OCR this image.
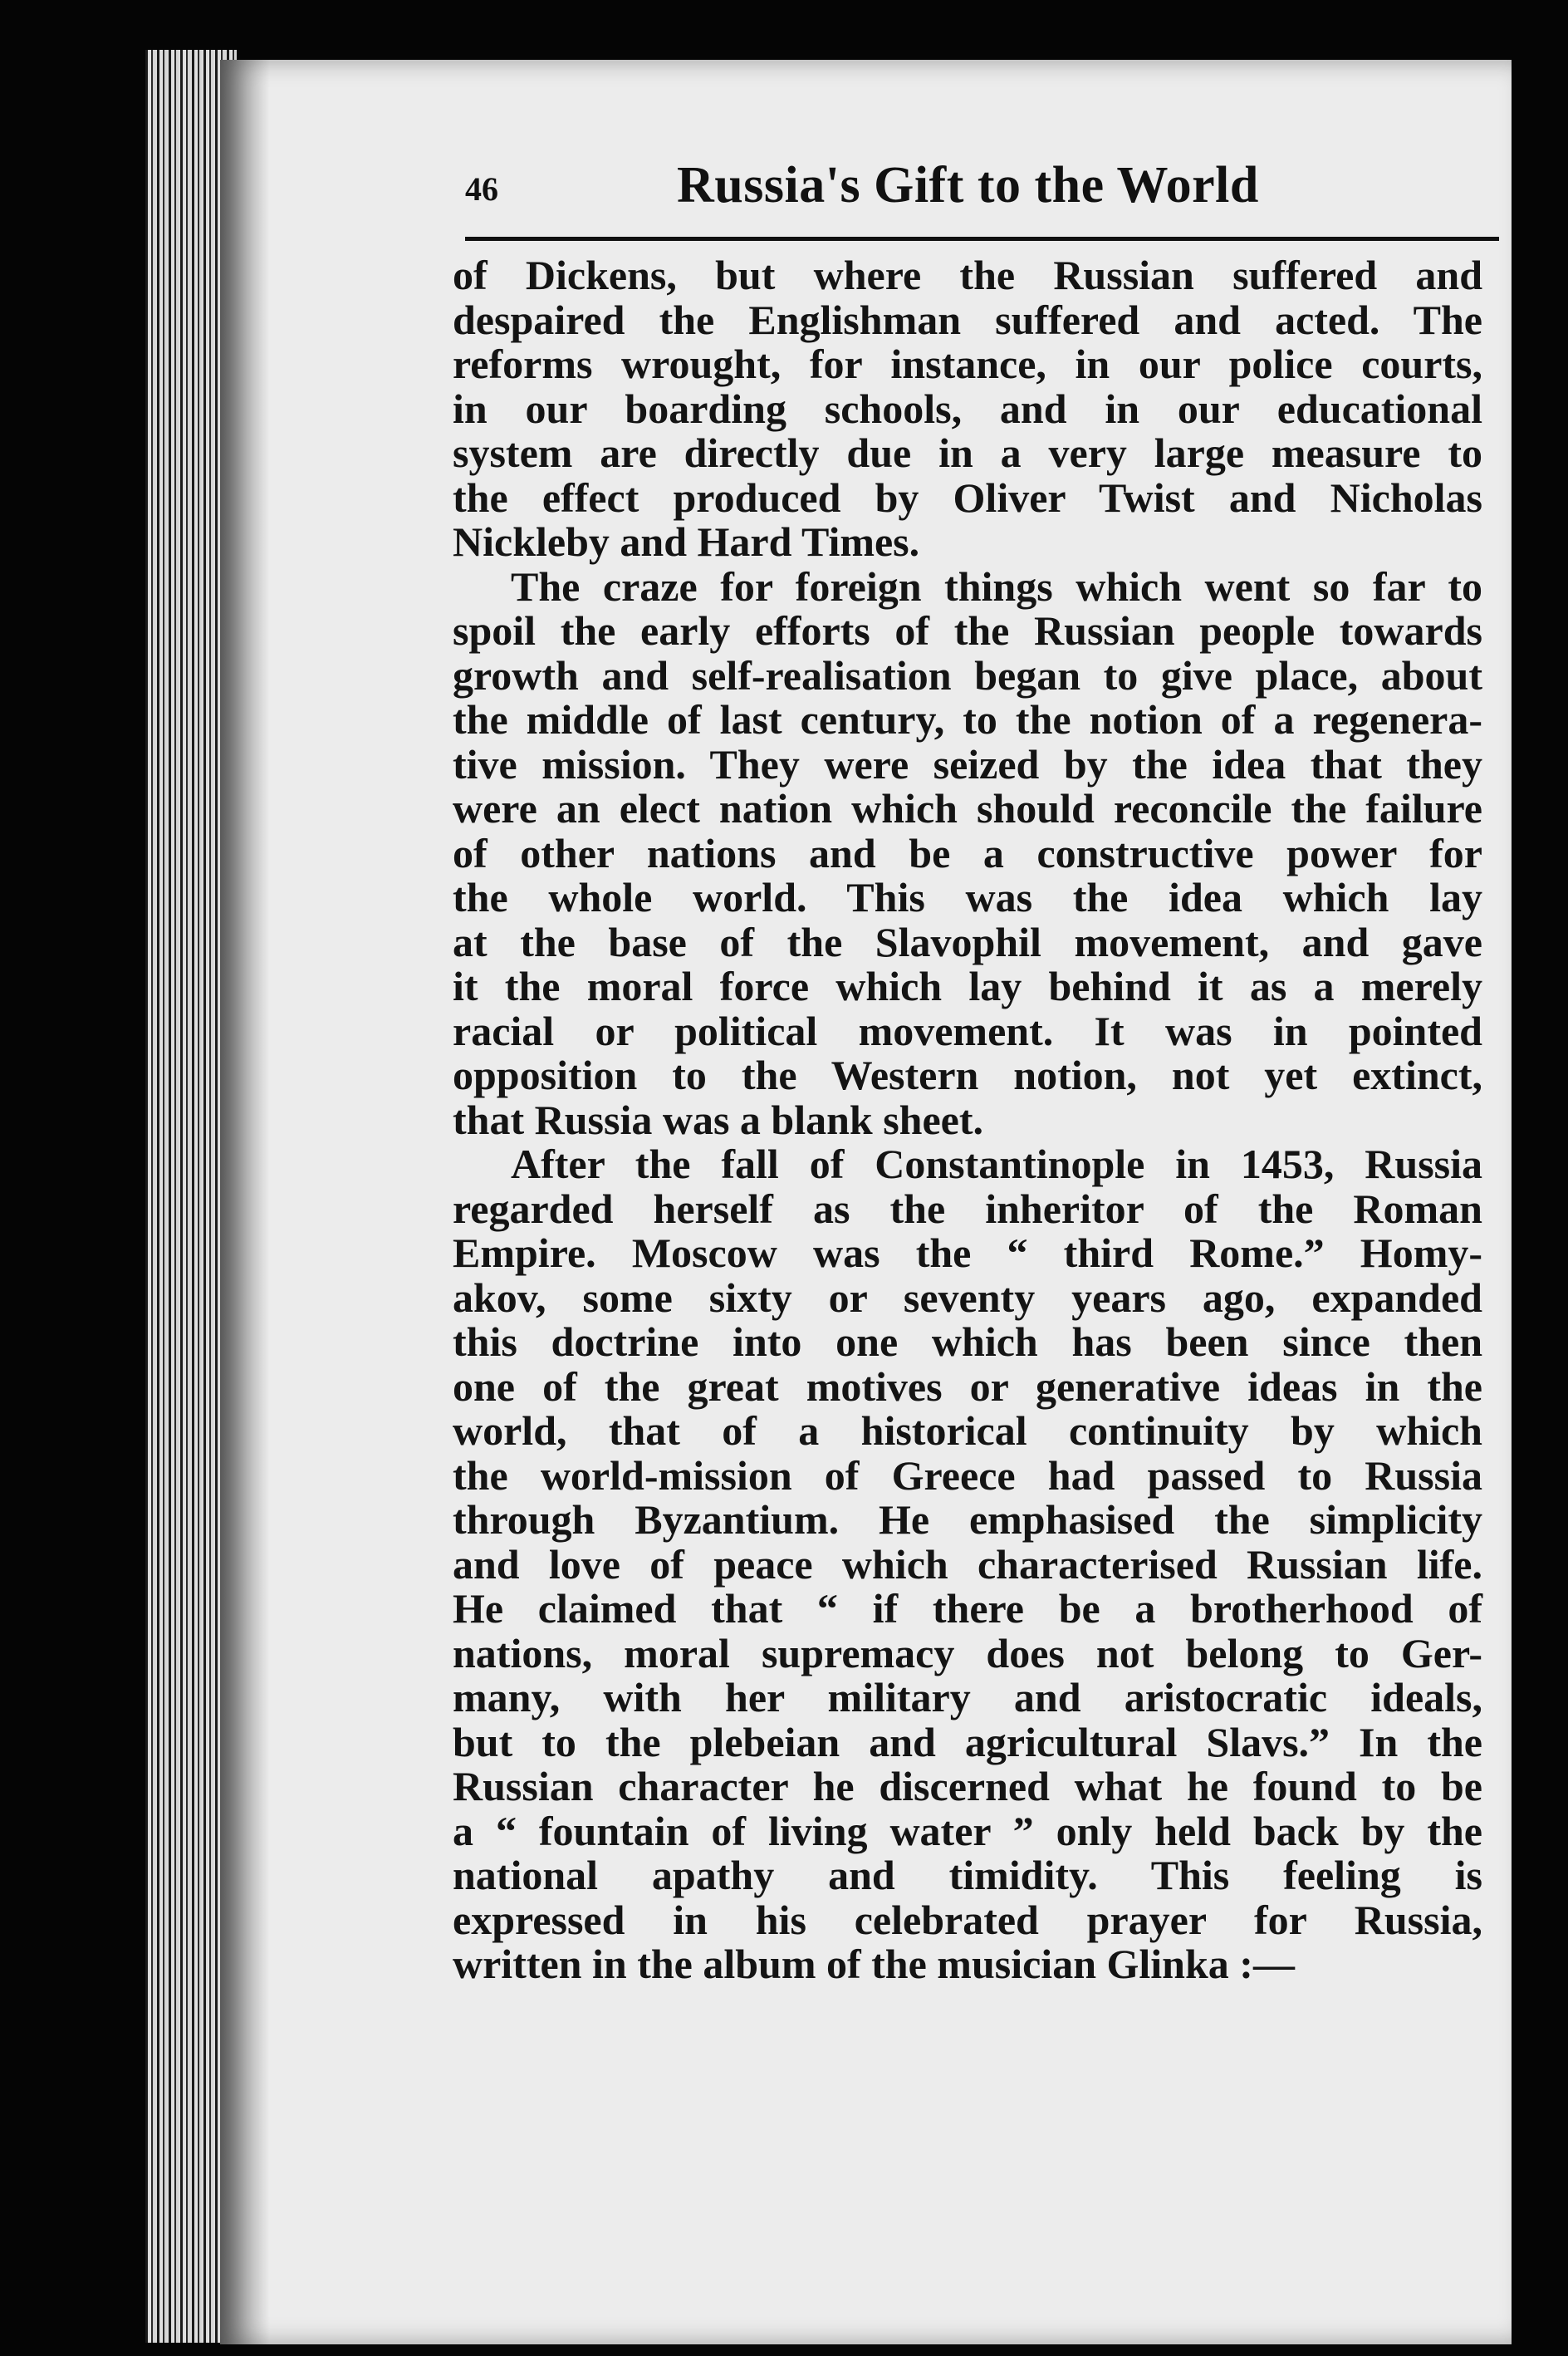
46	Russia's Gift to the World

of Dickens, but where the Russian suffered and
despaired the Englishman suffered and acted. The
reforms wrought, for instance, in our police courts,
in our boarding schools, and in our educational
system are directly due in a very large measure to
the effect produced by Oliver Twist and Nicholas
Nickleby and Hard Times.

The craze for foreign things which went so far to
spoil the early efforts of the Russian people towards
growth and self-realisation began to give place, about
the middle of last century, to the notion of a regenera-
tive mission. They were seized by the idea that they
were an elect nation which should reconcile the failure
of other nations and be a constructive power for
the whole world. This was the idea which lay
at the base of the Slavophil movement, and gave
it the moral force which lay behind it as a merely
racial or political movement. It was in pointed
opposition to the Western notion, not yet extinct,
that Russia was a blank sheet.

After the fall of Constantinople in 1453, Russia
regarded herself as the inheritor of the Roman
Empire. Moscow was the “ third Rome.” Homy-
akov, some sixty or seventy years ago, expanded
this doctrine into one which has been since then
one of the great motives or generative ideas in the
world, that of a historical continuity by which
the world-mission of Greece had passed to Russia
through Byzantium. He emphasised the simplicity
and love of peace which characterised Russian life.
He claimed that “ if there be a brotherhood of
nations, moral supremacy does not belong to Ger-
many, with her military and aristocratic ideals,
but to the plebeian and agricultural Slavs.” In the
Russian character he discerned what he found to be
a “ fountain of living water ” only held back by the
national apathy and timidity. This feeling is
expressed in his celebrated prayer for Russia,
written in the album of the musician Glinka :—
